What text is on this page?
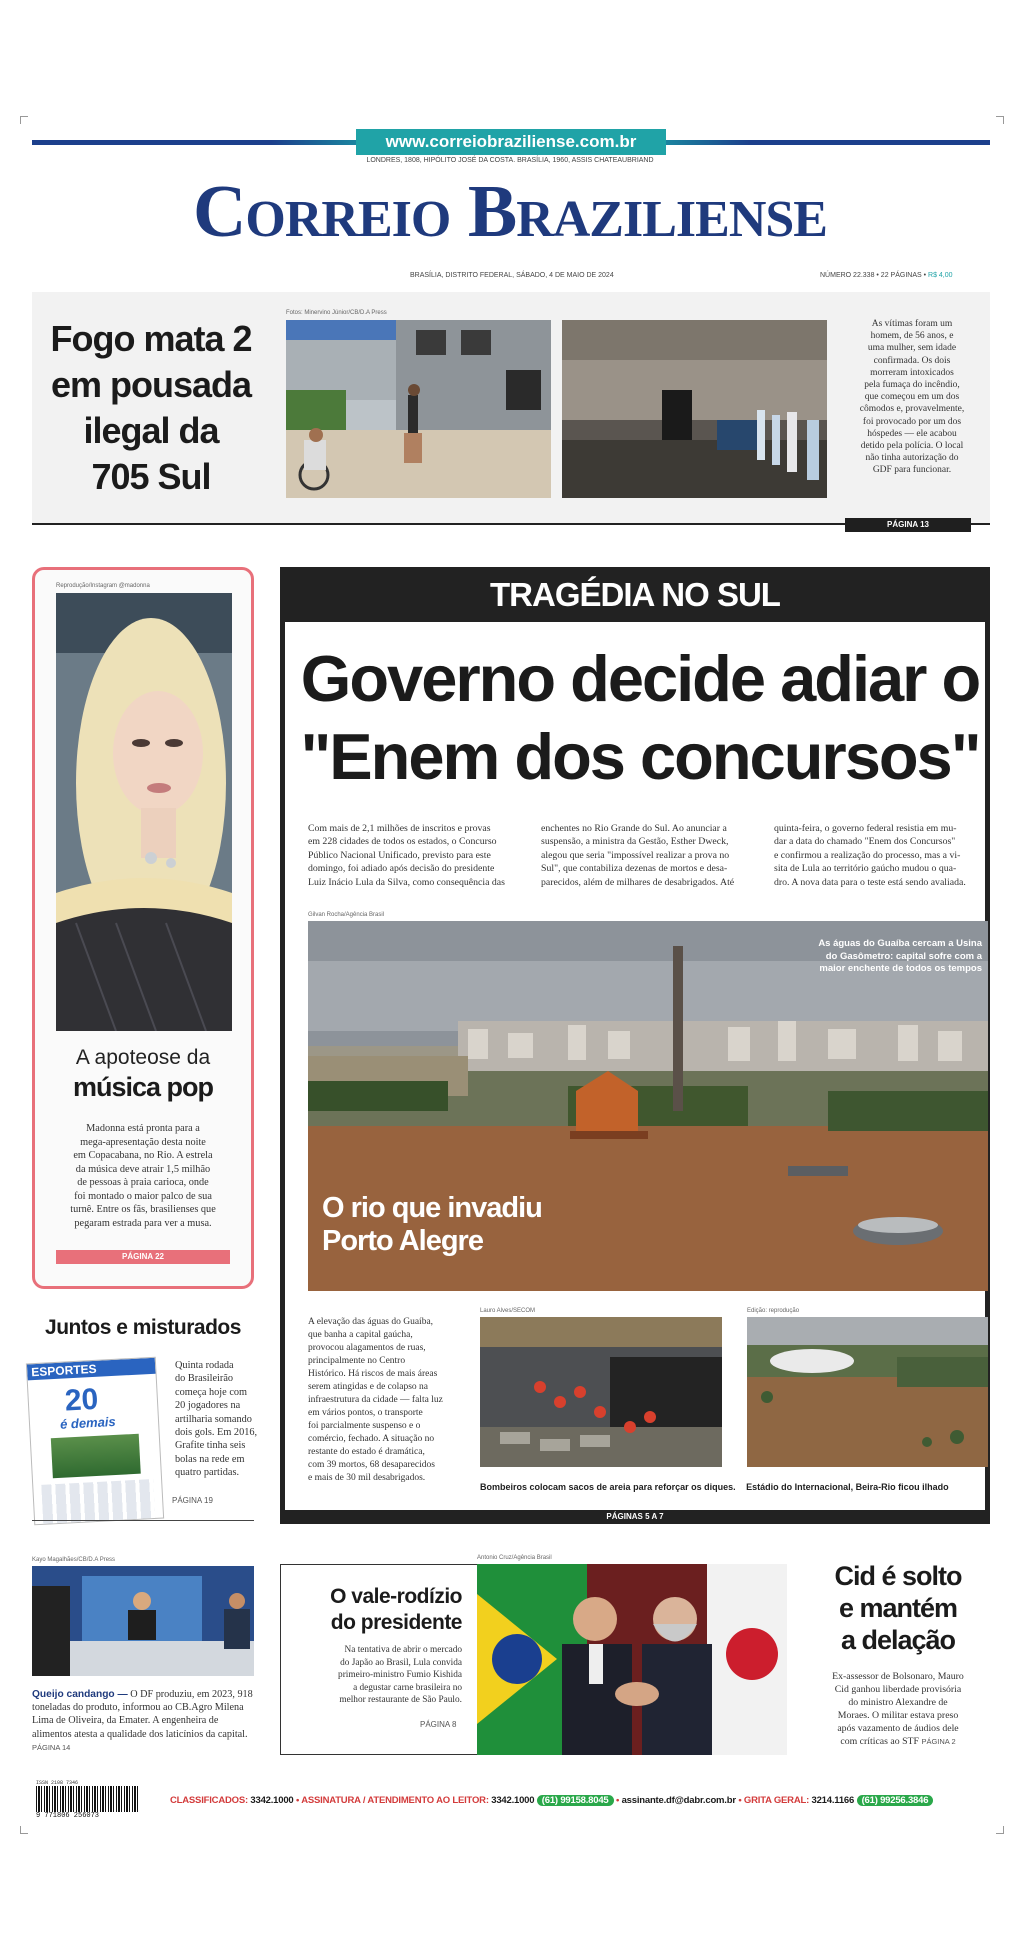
www.correiobraziliense.com.br
LONDRES, 1808, HIPÓLITO JOSÉ DA COSTA. BRASÍLIA, 1960, ASSIS CHATEAUBRIAND
Correio Braziliense
BRASÍLIA, DISTRITO FEDERAL, SÁBADO, 4 DE MAIO DE 2024	NÚMERO 22.338 • 22 PÁGINAS • R$ 4,00
Fogo mata 2
em pousada
ilegal da
705 Sul
Fotos: Minervino Júnior/CB/D.A Press
As vítimas foram um
homem, de 56 anos, e
uma mulher, sem idade
confirmada. Os dois
morreram intoxicados
pela fumaça do incêndio,
que começou em um dos
cômodos e, provavelmente,
foi provocado por um dos
hóspedes — ele acabou
detido pela polícia. O local
não tinha autorização do
GDF para funcionar.
PÁGINA 13
Reprodução/Instagram @madonna
A apoteose da
música pop
Madonna está pronta para a
mega-apresentação desta noite
em Copacabana, no Rio. A estrela
da música deve atrair 1,5 milhão
de pessoas à praia carioca, onde
foi montado o maior palco de sua
turnê. Entre os fãs, brasilienses que
pegaram estrada para ver a musa.
PÁGINA 22
Juntos e misturados
ESPORTES
20
é demais
Quinta rodada
do Brasileirão
começa hoje com
20 jogadores na
artilharia somando
dois gols. Em 2016,
Grafite tinha seis
bolas na rede em
quatro partidas.
PÁGINA 19
TRAGÉDIA NO SUL
Governo decide adiar o
"Enem dos concursos"
Com mais de 2,1 milhões de inscritos e provas
em 228 cidades de todos os estados, o Concurso
Público Nacional Unificado, previsto para este
domingo, foi adiado após decisão do presidente
Luiz Inácio Lula da Silva, como consequência das
enchentes no Rio Grande do Sul. Ao anunciar a
suspensão, a ministra da Gestão, Esther Dweck,
alegou que seria "impossível realizar a prova no
Sul", que contabiliza dezenas de mortos e desa-
parecidos, além de milhares de desabrigados. Até
quinta-feira, o governo federal resistia em mu-
dar a data do chamado "Enem dos Concursos"
e confirmou a realização do processo, mas a vi-
sita de Lula ao território gaúcho mudou o qua-
dro. A nova data para o teste está sendo avaliada.
Gilvan Rocha/Agência Brasil
As águas do Guaíba cercam a Usina
do Gasômetro: capital sofre com a
maior enchente de todos os tempos
O rio que invadiu
Porto Alegre
A elevação das águas do Guaíba,
que banha a capital gaúcha,
provocou alagamentos de ruas,
principalmente no Centro
Histórico. Há riscos de mais áreas
serem atingidas e de colapso na
infraestrutura da cidade — falta luz
em vários pontos, o transporte
foi parcialmente suspenso e o
comércio, fechado. A situação no
restante do estado é dramática,
com 39 mortos, 68 desaparecidos
e mais de 30 mil desabrigados.
Lauro Alves/SECOM	Edição: reprodução
Bombeiros colocam sacos de areia para reforçar os diques. Estádio do Internacional, Beira-Rio ficou ilhado
PÁGINAS 5 A 7
Kayo Magalhães/CB/D.A Press
Queijo candango — O DF produziu, em 2023, 918 toneladas do produto, informou ao CB.Agro Milena Lima de Oliveira, da Emater. A engenheira de alimentos atesta a qualidade dos laticínios da capital. PÁGINA 14
O vale-rodízio
do presidente
Na tentativa de abrir o mercado
do Japão ao Brasil, Lula convida
primeiro-ministro Fumio Kishida
a degustar carne brasileira no
melhor restaurante de São Paulo.
PÁGINA 8
Antonio Cruz/Agência Brasil
Cid é solto
e mantém
a delação
Ex-assessor de Bolsonaro, Mauro
Cid ganhou liberdade provisória
do ministro Alexandre de
Moraes. O militar estava preso
após vazamento de áudios dele
com críticas ao STF PÁGINA 2
ISSN 2108 7346
9 771806 256073
CLASSIFICADOS: 3342.1000 • ASSINATURA / ATENDIMENTO AO LEITOR: 3342.1000 (61) 99158.8045 • assinante.df@dabr.com.br • GRITA GERAL: 3214.1166 (61) 99256.3846
